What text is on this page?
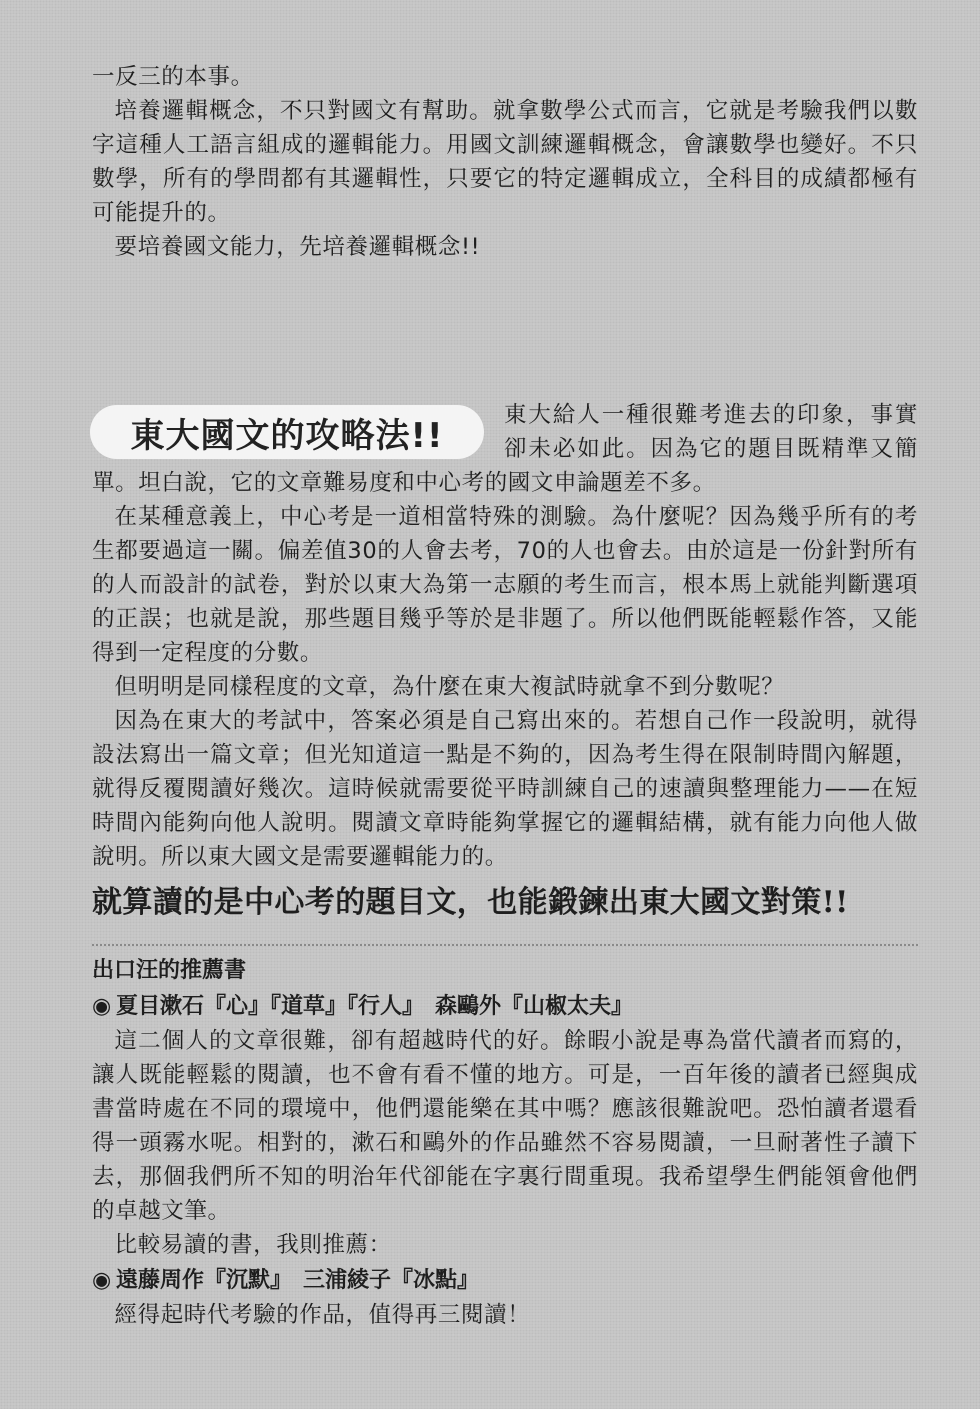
一反三的本事。

培養邏輯概念，不只對國文有幫助。就拿數學公式而言，它就是考驗我們以數字這種人工語言組成的邏輯能力。用國文訓練邏輯概念，會讓數學也變好。不只數學，所有的學問都有其邏輯性，只要它的特定邏輯成立，全科目的成績都極有可能提升的。

要培養國文能力，先培養邏輯概念!!

東大國文的攻略法!!

東大給人一種很難考進去的印象，事實卻未必如此。因為它的題目既精準又簡單。坦白說，它的文章難易度和中心考的國文申論題差不多。

在某種意義上，中心考是一道相當特殊的測驗。為什麼呢？因為幾乎所有的考生都要過這一關。偏差值30的人會去考，70的人也會去。由於這是一份針對所有的人而設計的試卷，對於以東大為第一志願的考生而言，根本馬上就能判斷選項的正誤；也就是說，那些題目幾乎等於是非題了。所以他們既能輕鬆作答，又能得到一定程度的分數。

但明明是同樣程度的文章，為什麼在東大複試時就拿不到分數呢？

因為在東大的考試中，答案必須是自己寫出來的。若想自己作一段說明，就得設法寫出一篇文章；但光知道這一點是不夠的，因為考生得在限制時間內解題，就得反覆閱讀好幾次。這時候就需要從平時訓練自己的速讀與整理能力——在短時間內能夠向他人說明。閱讀文章時能夠掌握它的邏輯結構，就有能力向他人做說明。所以東大國文是需要邏輯能力的。

就算讀的是中心考的題目文，也能鍛鍊出東大國文對策!!

出口汪的推薦書

◉ 夏目漱石『心』『道草』『行人』　森鷗外『山椒太夫』

這二個人的文章很難，卻有超越時代的好。餘暇小說是專為當代讀者而寫的，讓人既能輕鬆的閱讀，也不會有看不懂的地方。可是，一百年後的讀者已經與成書當時處在不同的環境中，他們還能樂在其中嗎？應該很難說吧。恐怕讀者還看得一頭霧水呢。相對的，漱石和鷗外的作品雖然不容易閱讀，一旦耐著性子讀下去，那個我們所不知的明治年代卻能在字裏行間重現。我希望學生們能領會他們的卓越文筆。

比較易讀的書，我則推薦：

◉ 遠藤周作『沉默』　三浦綾子『冰點』

經得起時代考驗的作品，值得再三閱讀！
